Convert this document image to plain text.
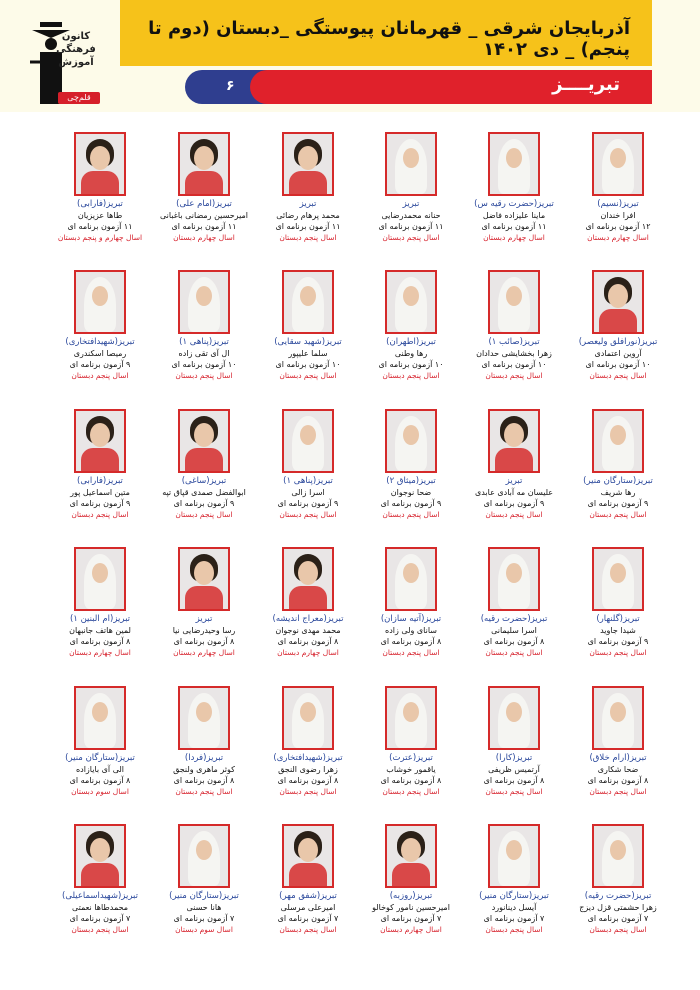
کانون
فرهنگی
آموزش
قلم‌چی
آذربایجان شرقی _ قهرمانان پیوستگی _دبستان (دوم تا پنجم) _ دی ۱۴۰۲
۶	تبریــــز
تبریز(نسیم)
افرا خندان
۱۲ آزمون برنامه ای
اسال چهارم دبستان
تبریز(حضرت رقیه س)
ماینا علیزاده فاضل
۱۱ آزمون برنامه ای
اسال چهارم دبستان
تبریز
حنانه محمدرضایی
۱۱ آزمون برنامه ای
اسال پنجم دبستان
تبریز
محمد پرهام رضائی
۱۱ آزمون برنامه ای
اسال پنجم دبستان
تبریز(امام علی)
امیرحسین رمضانی باغبانی
۱۱ آزمون برنامه ای
اسال چهارم دبستان
تبریز(فارابی)
طاها عزیزیان
۱۱ آزمون برنامه ای
اسال چهارم و پنجم دبستان
تبریز(نورافلق ولیعصر)
آروین اعتمادی
۱۰ آزمون برنامه ای
اسال پنجم دبستان
تبریز(صائب ۱)
زهرا بخشایشی حدادان
۱۰ آزمون برنامه ای
اسال پنجم دبستان
تبریز(اطهران)
رها وطنی
۱۰ آزمون برنامه ای
اسال پنجم دبستان
تبریز(شهید سقایی)
سلما علیپور
۱۰ آزمون برنامه ای
اسال پنجم دبستان
تبریز(پناهی ۱)
ال آی تقی زاده
۱۰ آزمون برنامه ای
اسال پنجم دبستان
تبریز(شهیدافتخاری)
رمیصا اسکندری
۹ آزمون برنامه ای
اسال پنجم دبستان
تبریز(ستارگان منیر)
رها شریف
۹ آزمون برنامه ای
اسال پنجم دبستان
تبریز
علیسان مه آبادی عابدی
۹ آزمون برنامه ای
اسال پنجم دبستان
تبریز(میثاق ۲)
ضحا نوجوان
۹ آزمون برنامه ای
اسال پنجم دبستان
تبریز(پناهی ۱)
اسرا زالی
۹ آزمون برنامه ای
اسال پنجم دبستان
تبریز(ساغی)
ابوالفضل صمدی قپاق تپه
۹ آزمون برنامه ای
اسال پنجم دبستان
تبریز(فارابی)
متین اسماعیل پور
۹ آزمون برنامه ای
اسال پنجم دبستان
تبریز(گلنهار)
شیدا جاوید
۹ آزمون برنامه ای
اسال پنجم دبستان
تبریز(حضرت رقیه)
اسرا سلیمانی
۸ آزمون برنامه ای
اسال پنجم دبستان
تبریز(آتیه سازان)
ساناى ولی زاده
۸ آزمون برنامه ای
اسال پنجم دبستان
تبریز(معراج اندیشه)
محمد مهدی نوجوان
۸ آزمون برنامه ای
اسال چهارم دبستان
تبریز
رسا وحیدرضایی نیا
۸ آزمون برنامه ای
اسال چهارم دبستان
تبریز(ام البنین ۱)
لمین هاتف جانبهان
۸ آزمون برنامه ای
اسال چهارم دبستان
تبریز(ارام خلاق)
ضحا شکاری
۸ آزمون برنامه ای
اسال پنجم دبستان
تبریز(کارا)
آرتمیس ظریفی
۸ آزمون برنامه ای
اسال پنجم دبستان
تبریز(عترت)
یاقمور خوشاب
۸ آزمون برنامه ای
اسال پنجم دبستان
تبریز(شهیدافتخاری)
زهرا رضوی النجق
۸ آزمون برنامه ای
اسال پنجم دبستان
تبریز(فردا)
کوثر ماهری ولنجق
۸ آزمون برنامه ای
اسال پنجم دبستان
تبریز(ستارگان منیر)
الی آی بایازاده
۸ آزمون برنامه ای
اسال سوم دبستان
تبریز(حضرت رقیه)
زهرا حشمتی قزل دیزج
۷ آزمون برنامه ای
اسال پنجم دبستان
تبریز(ستارگان منیر)
آیسل دینانورد
۷ آزمون برنامه ای
اسال پنجم دبستان
تبریز(روزبه)
امیرحسین نامور کوخالو
۷ آزمون برنامه ای
اسال چهارم دبستان
تبریز(شفق مهر)
امیرعلی مرسلی
۷ آزمون برنامه ای
اسال پنجم دبستان
تبریز(ستارگان منیر)
هانا حسنی
۷ آزمون برنامه ای
اسال سوم دبستان
تبریز(شهیداسماعیلی)
محمدطاها نعمتی
۷ آزمون برنامه ای
اسال پنجم دبستان
